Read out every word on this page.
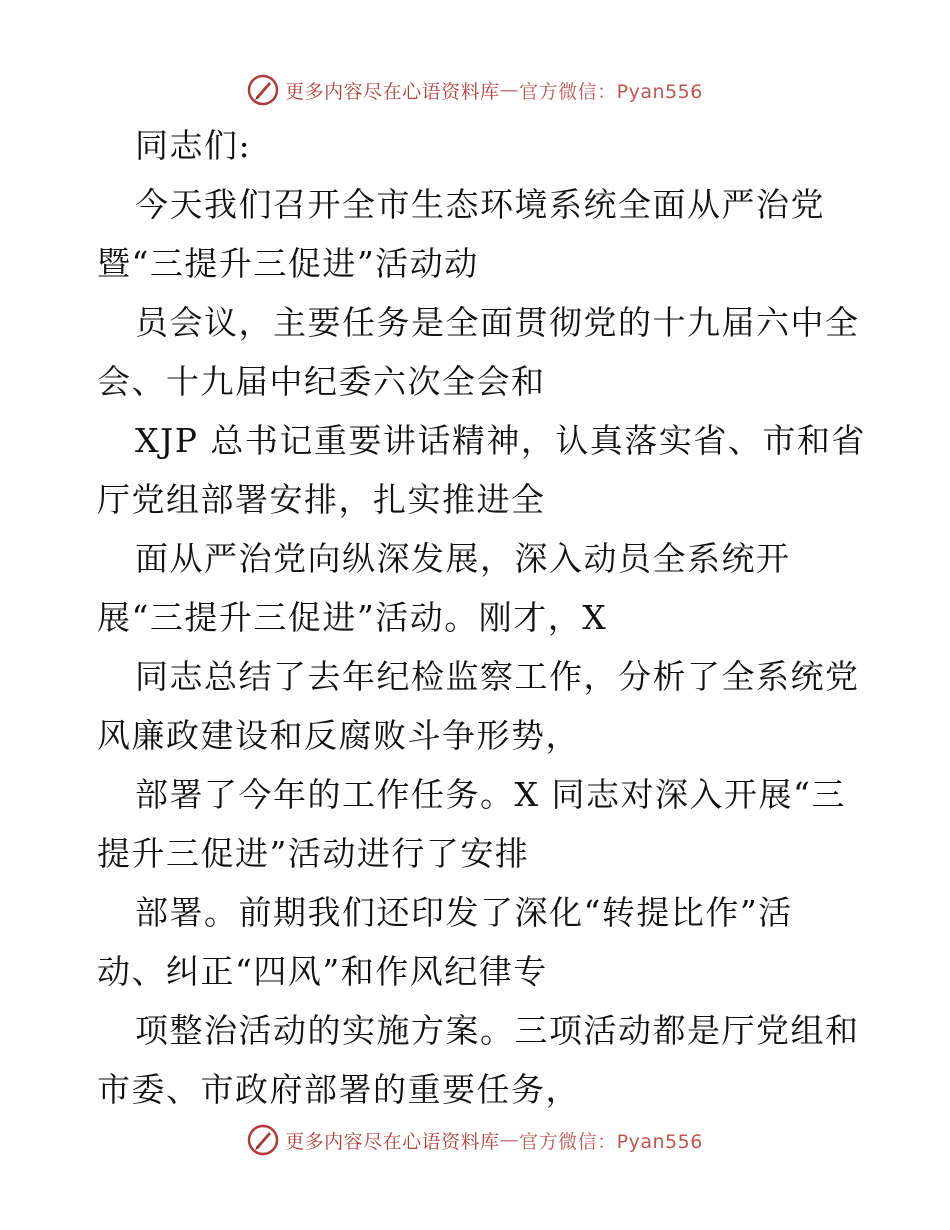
更多内容尽在心语资料库 — 官方微信：Pyan556
同志们:
今天我们召开全市生态环境系统全面从严治党
暨“三提升三促进”活动动
员会议，主要任务是全面贯彻党的十九届六中全
会、十九届中纪委六次全会和
XJP 总书记重要讲话精神，认真落实省、市和省
厅党组部署安排，扎实推进全
面从严治党向纵深发展，深入动员全系统开
展“三提升三促进”活动。刚才，X
同志总结了去年纪检监察工作，分析了全系统党
风廉政建设和反腐败斗争形势，
部署了今年的工作任务。X 同志对深入开展“三
提升三促进”活动进行了安排
部署。前期我们还印发了深化“转提比作”活
动、纠正“四风”和作风纪律专
项整治活动的实施方案。三项活动都是厅党组和
市委、市政府部署的重要任务，
更多内容尽在心语资料库 — 官方微信：Pyan556
